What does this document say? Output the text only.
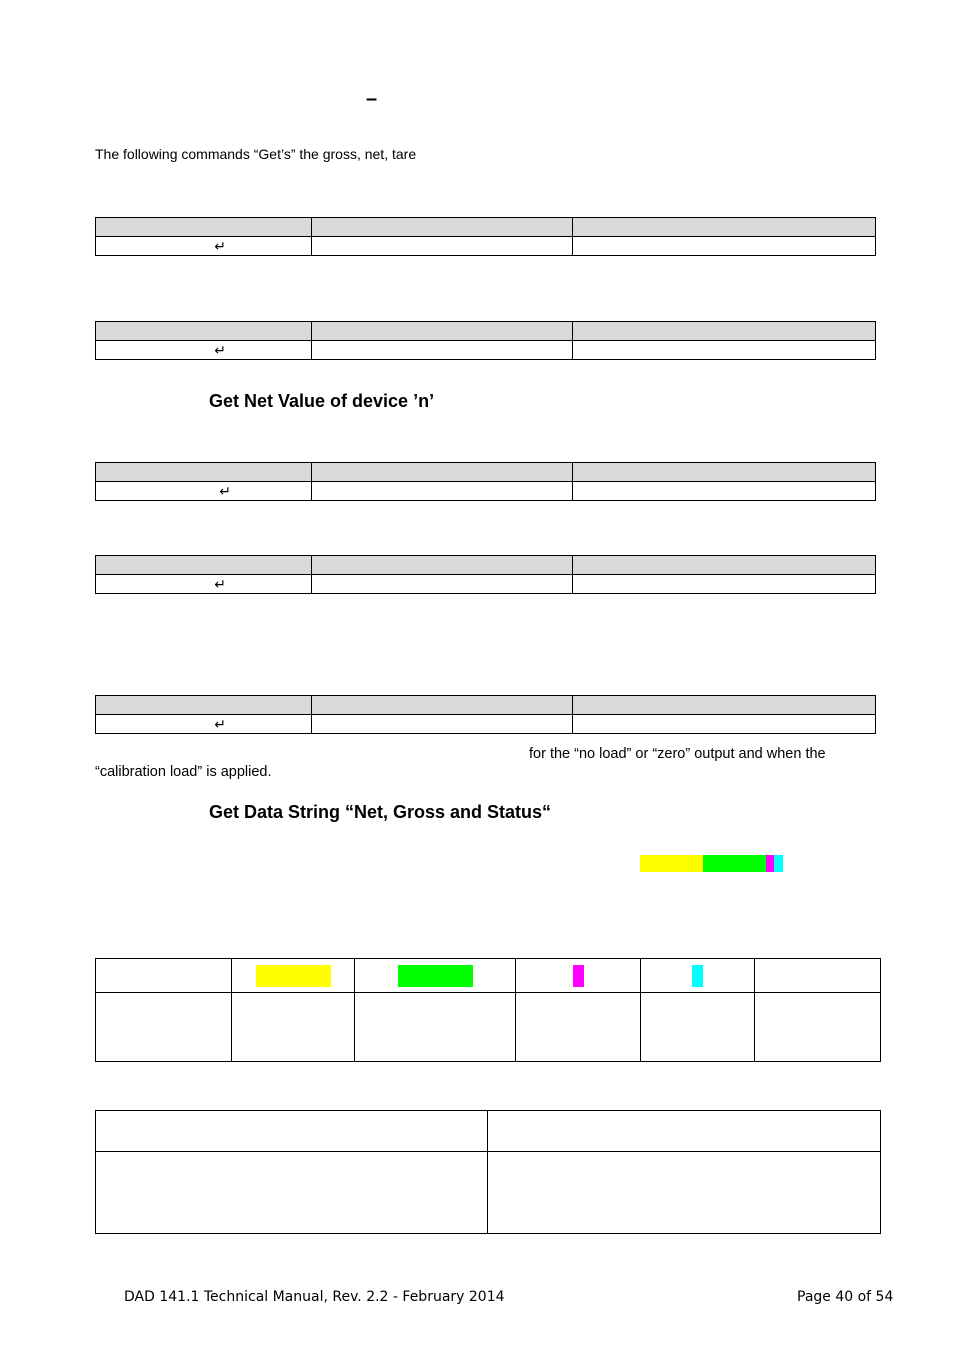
–
The following commands “Get’s” the gross, net, tare

↵		

↵		

Get Net Value of device ’n’

↵		

↵		

↵		

for the “no load” or “zero” output and when the
“calibration load” is applied.
Get Data String “Net, Gross and Status“

DAD 141.1 Technical Manual, Rev. 2.2 - February 2014	Page 40 of 54
